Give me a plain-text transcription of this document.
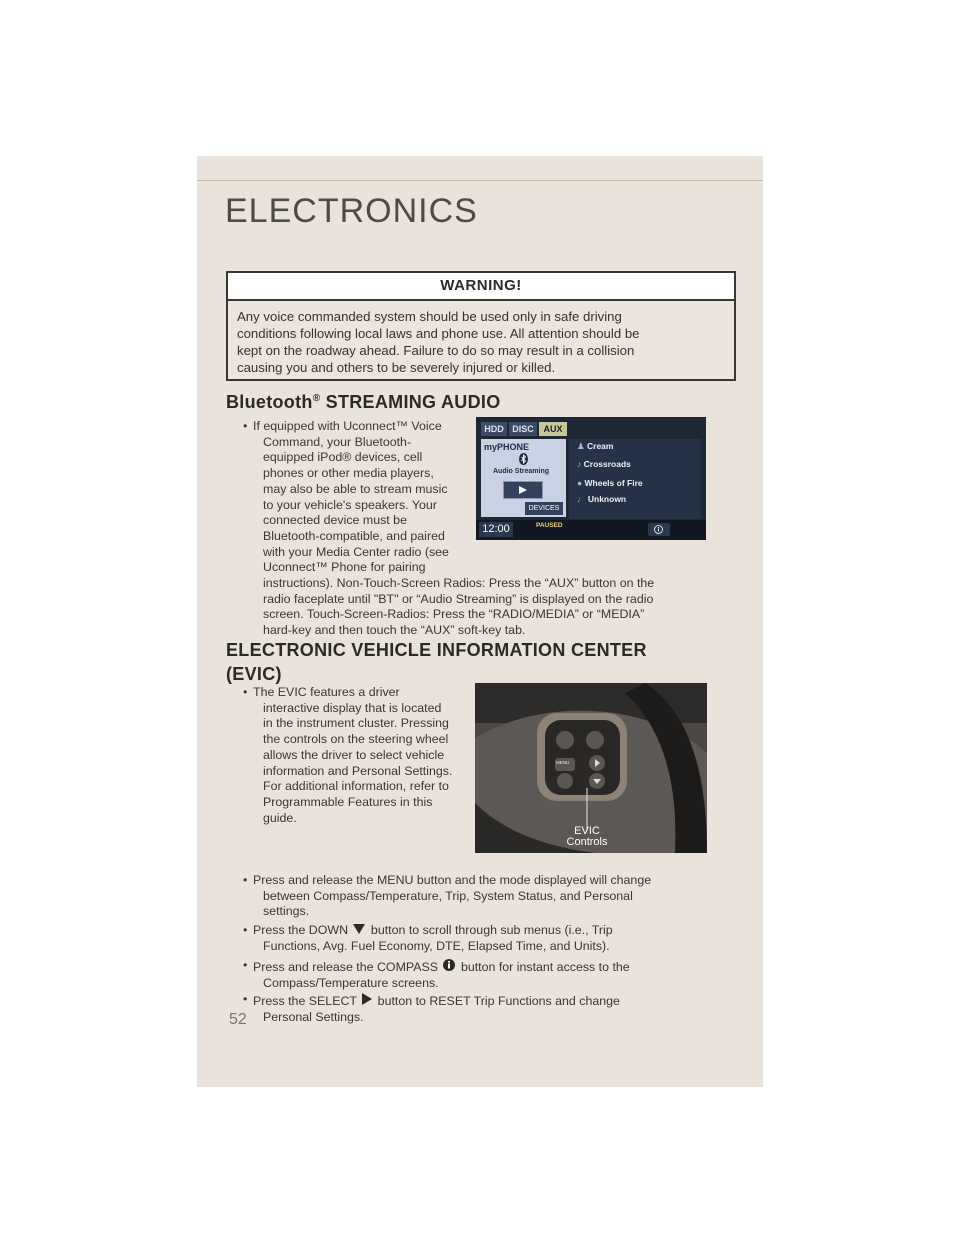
ELECTRONICS
WARNING!
Any voice commanded system should be used only in safe driving
conditions following local laws and phone use. All attention should be
kept on the roadway ahead. Failure to do so may result in a collision
causing you and others to be severely injured or killed.
Bluetooth® STREAMING AUDIO
• If equipped with Uconnect™ Voice
Command, your Bluetooth-
equipped iPod® devices, cell
phones or other media players,
may also be able to stream music
to your vehicle's speakers. Your
connected device must be
Bluetooth-compatible, and paired
with your Media Center radio (see
Uconnect™ Phone for pairing
instructions). Non-Touch-Screen Radios: Press the “AUX” button on the
radio faceplate until "BT" or “Audio Streaming” is displayed on the radio
screen. Touch-Screen-Radios: Press the “RADIO/MEDIA” or “MEDIA”
hard-key and then touch the “AUX” soft-key tab.
HDD DISC	AUX
myPHONE
Audio Streaming
DEVICES
♟ Cream
♪ Crossroads
● Wheels of Fire
♩ Unknown
12:00	PAUSED
ELECTRONIC VEHICLE INFORMATION CENTER
(EVIC)
• The EVIC features a driver
interactive display that is located
in the instrument cluster. Pressing
the controls on the steering wheel
allows the driver to select vehicle
information and Personal Settings.
For additional information, refer to
Programmable Features in this
guide.
MENU
EVIC
Controls
• Press and release the MENU button and the mode displayed will change
between Compass/Temperature, Trip, System Status, and Personal
settings.
• Press the DOWN button to scroll through sub menus (i.e., Trip
Functions, Avg. Fuel Economy, DTE, Elapsed Time, and Units).
• Press and release the COMPASS button for instant access to the
Compass/Temperature screens.
• Press the SELECT button to RESET Trip Functions and change
Personal Settings.
52
